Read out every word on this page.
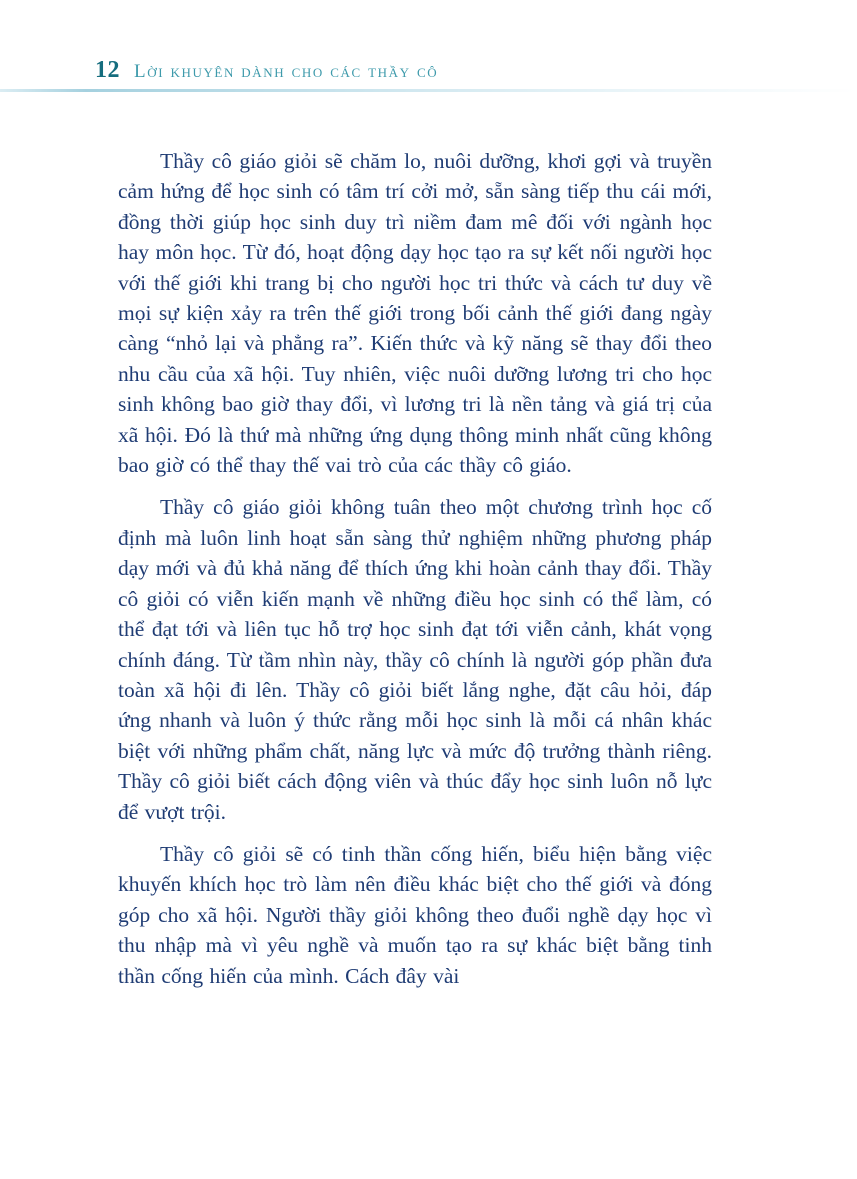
12 Lời khuyên dành cho các thầy cô

Thầy cô giáo giỏi sẽ chăm lo, nuôi dưỡng, khơi gợi và truyền cảm hứng để học sinh có tâm trí cởi mở, sẵn sàng tiếp thu cái mới, đồng thời giúp học sinh duy trì niềm đam mê đối với ngành học hay môn học. Từ đó, hoạt động dạy học tạo ra sự kết nối người học với thế giới khi trang bị cho người học tri thức và cách tư duy về mọi sự kiện xảy ra trên thế giới trong bối cảnh thế giới đang ngày càng “nhỏ lại và phẳng ra”. Kiến thức và kỹ năng sẽ thay đổi theo nhu cầu của xã hội. Tuy nhiên, việc nuôi dưỡng lương tri cho học sinh không bao giờ thay đổi, vì lương tri là nền tảng và giá trị của xã hội. Đó là thứ mà những ứng dụng thông minh nhất cũng không bao giờ có thể thay thế vai trò của các thầy cô giáo.

Thầy cô giáo giỏi không tuân theo một chương trình học cố định mà luôn linh hoạt sẵn sàng thử nghiệm những phương pháp dạy mới và đủ khả năng để thích ứng khi hoàn cảnh thay đổi. Thầy cô giỏi có viễn kiến mạnh về những điều học sinh có thể làm, có thể đạt tới và liên tục hỗ trợ học sinh đạt tới viễn cảnh, khát vọng chính đáng. Từ tầm nhìn này, thầy cô chính là người góp phần đưa toàn xã hội đi lên. Thầy cô giỏi biết lắng nghe, đặt câu hỏi, đáp ứng nhanh và luôn ý thức rằng mỗi học sinh là mỗi cá nhân khác biệt với những phẩm chất, năng lực và mức độ trưởng thành riêng. Thầy cô giỏi biết cách động viên và thúc đẩy học sinh luôn nỗ lực để vượt trội.

Thầy cô giỏi sẽ có tinh thần cống hiến, biểu hiện bằng việc khuyến khích học trò làm nên điều khác biệt cho thế giới và đóng góp cho xã hội. Người thầy giỏi không theo đuổi nghề dạy học vì thu nhập mà vì yêu nghề và muốn tạo ra sự khác biệt bằng tinh thần cống hiến của mình. Cách đây vài
